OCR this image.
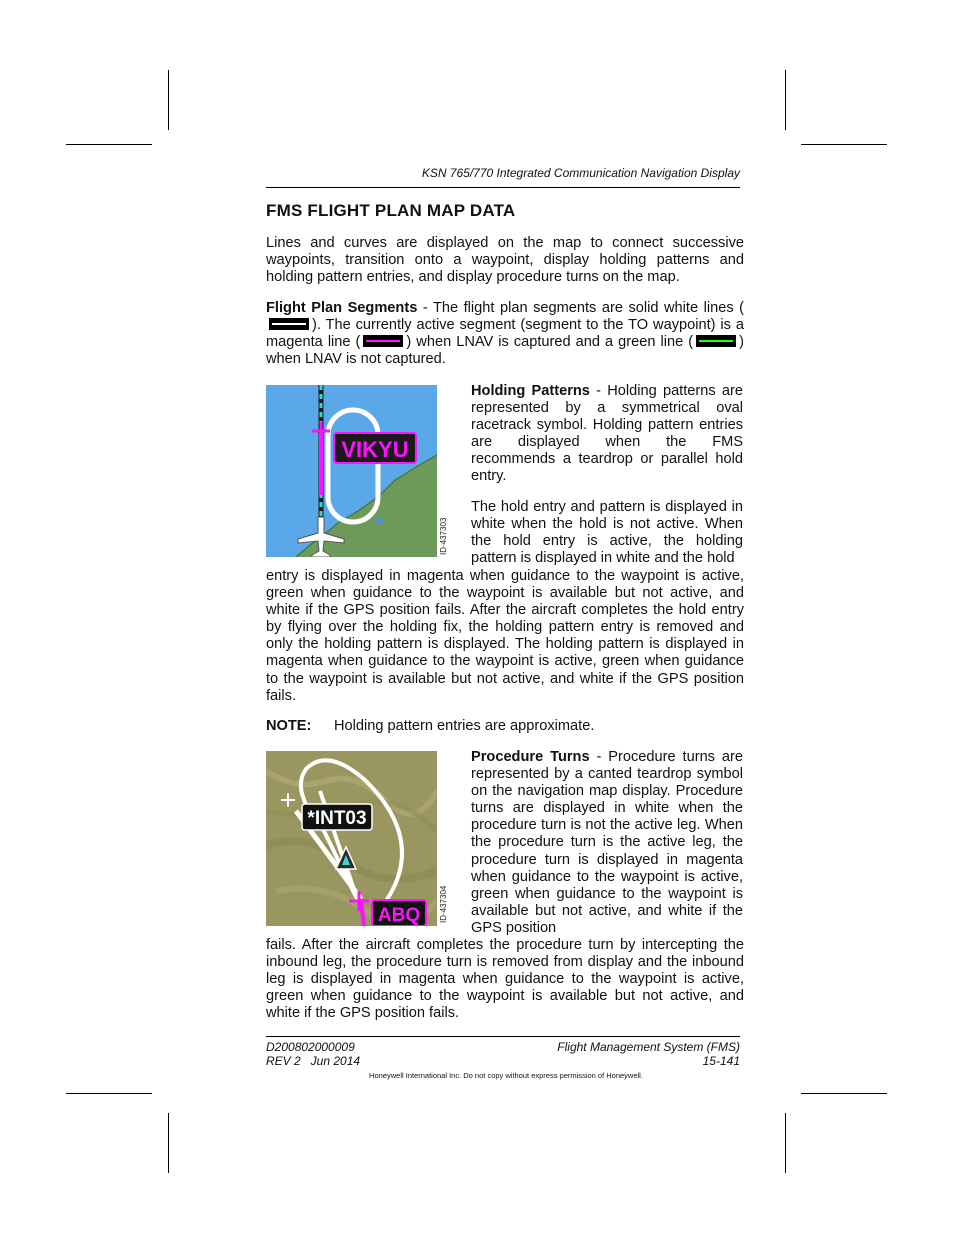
KSN 765/770 Integrated Communication Navigation Display
FMS FLIGHT PLAN MAP DATA

Lines and curves are displayed on the map to connect successive waypoints, transition onto a waypoint, display holding patterns and holding pattern entries, and display procedure turns on the map.

Flight Plan Segments - The flight plan segments are solid white lines (). The currently active segment (segment to the TO waypoint) is a magenta line (	) when LNAV is captured and a green line (	) when LNAV is not captured.

VIKYU
ID-437303

Holding Patterns - Holding patterns are represented by a symmetrical oval racetrack symbol. Holding pattern entries are displayed when the FMS recommends a teardrop or parallel hold entry.

The hold entry and pattern is displayed in white when the hold is not active. When the hold entry is active, the holding pattern is displayed in white and the hold

entry is displayed in magenta when guidance to the waypoint is active, green when guidance to the waypoint is available but not active, and white if the GPS position fails. After the aircraft completes the hold entry by flying over the holding fix, the holding pattern entry is removed and only the holding pattern is displayed. The holding pattern is displayed in magenta when guidance to the waypoint is active, green when guidance to the waypoint is available but not active, and white if the GPS position fails.

NOTE: Holding pattern entries are approximate.
*INT03
ABQ ID-437304

Procedure Turns - Procedure turns are represented by a canted teardrop symbol on the navigation map display. Procedure turns are displayed in white when the procedure turn is not the active leg. When the procedure turn is the active leg, the procedure turn is displayed in magenta when guidance to the waypoint is active, green when guidance to the waypoint is available but not active, and white if the GPS position

fails. After the aircraft completes the procedure turn by intercepting the inbound leg, the procedure turn is removed from display and the inbound leg is displayed in magenta when guidance to the waypoint is active, green when guidance to the waypoint is available but not active, and white if the GPS position fails.

D200802000009
REV 2   Jun 2014
Flight Management System (FMS)
15-141
Honeywell International Inc. Do not copy without express permission of Honeywell.
